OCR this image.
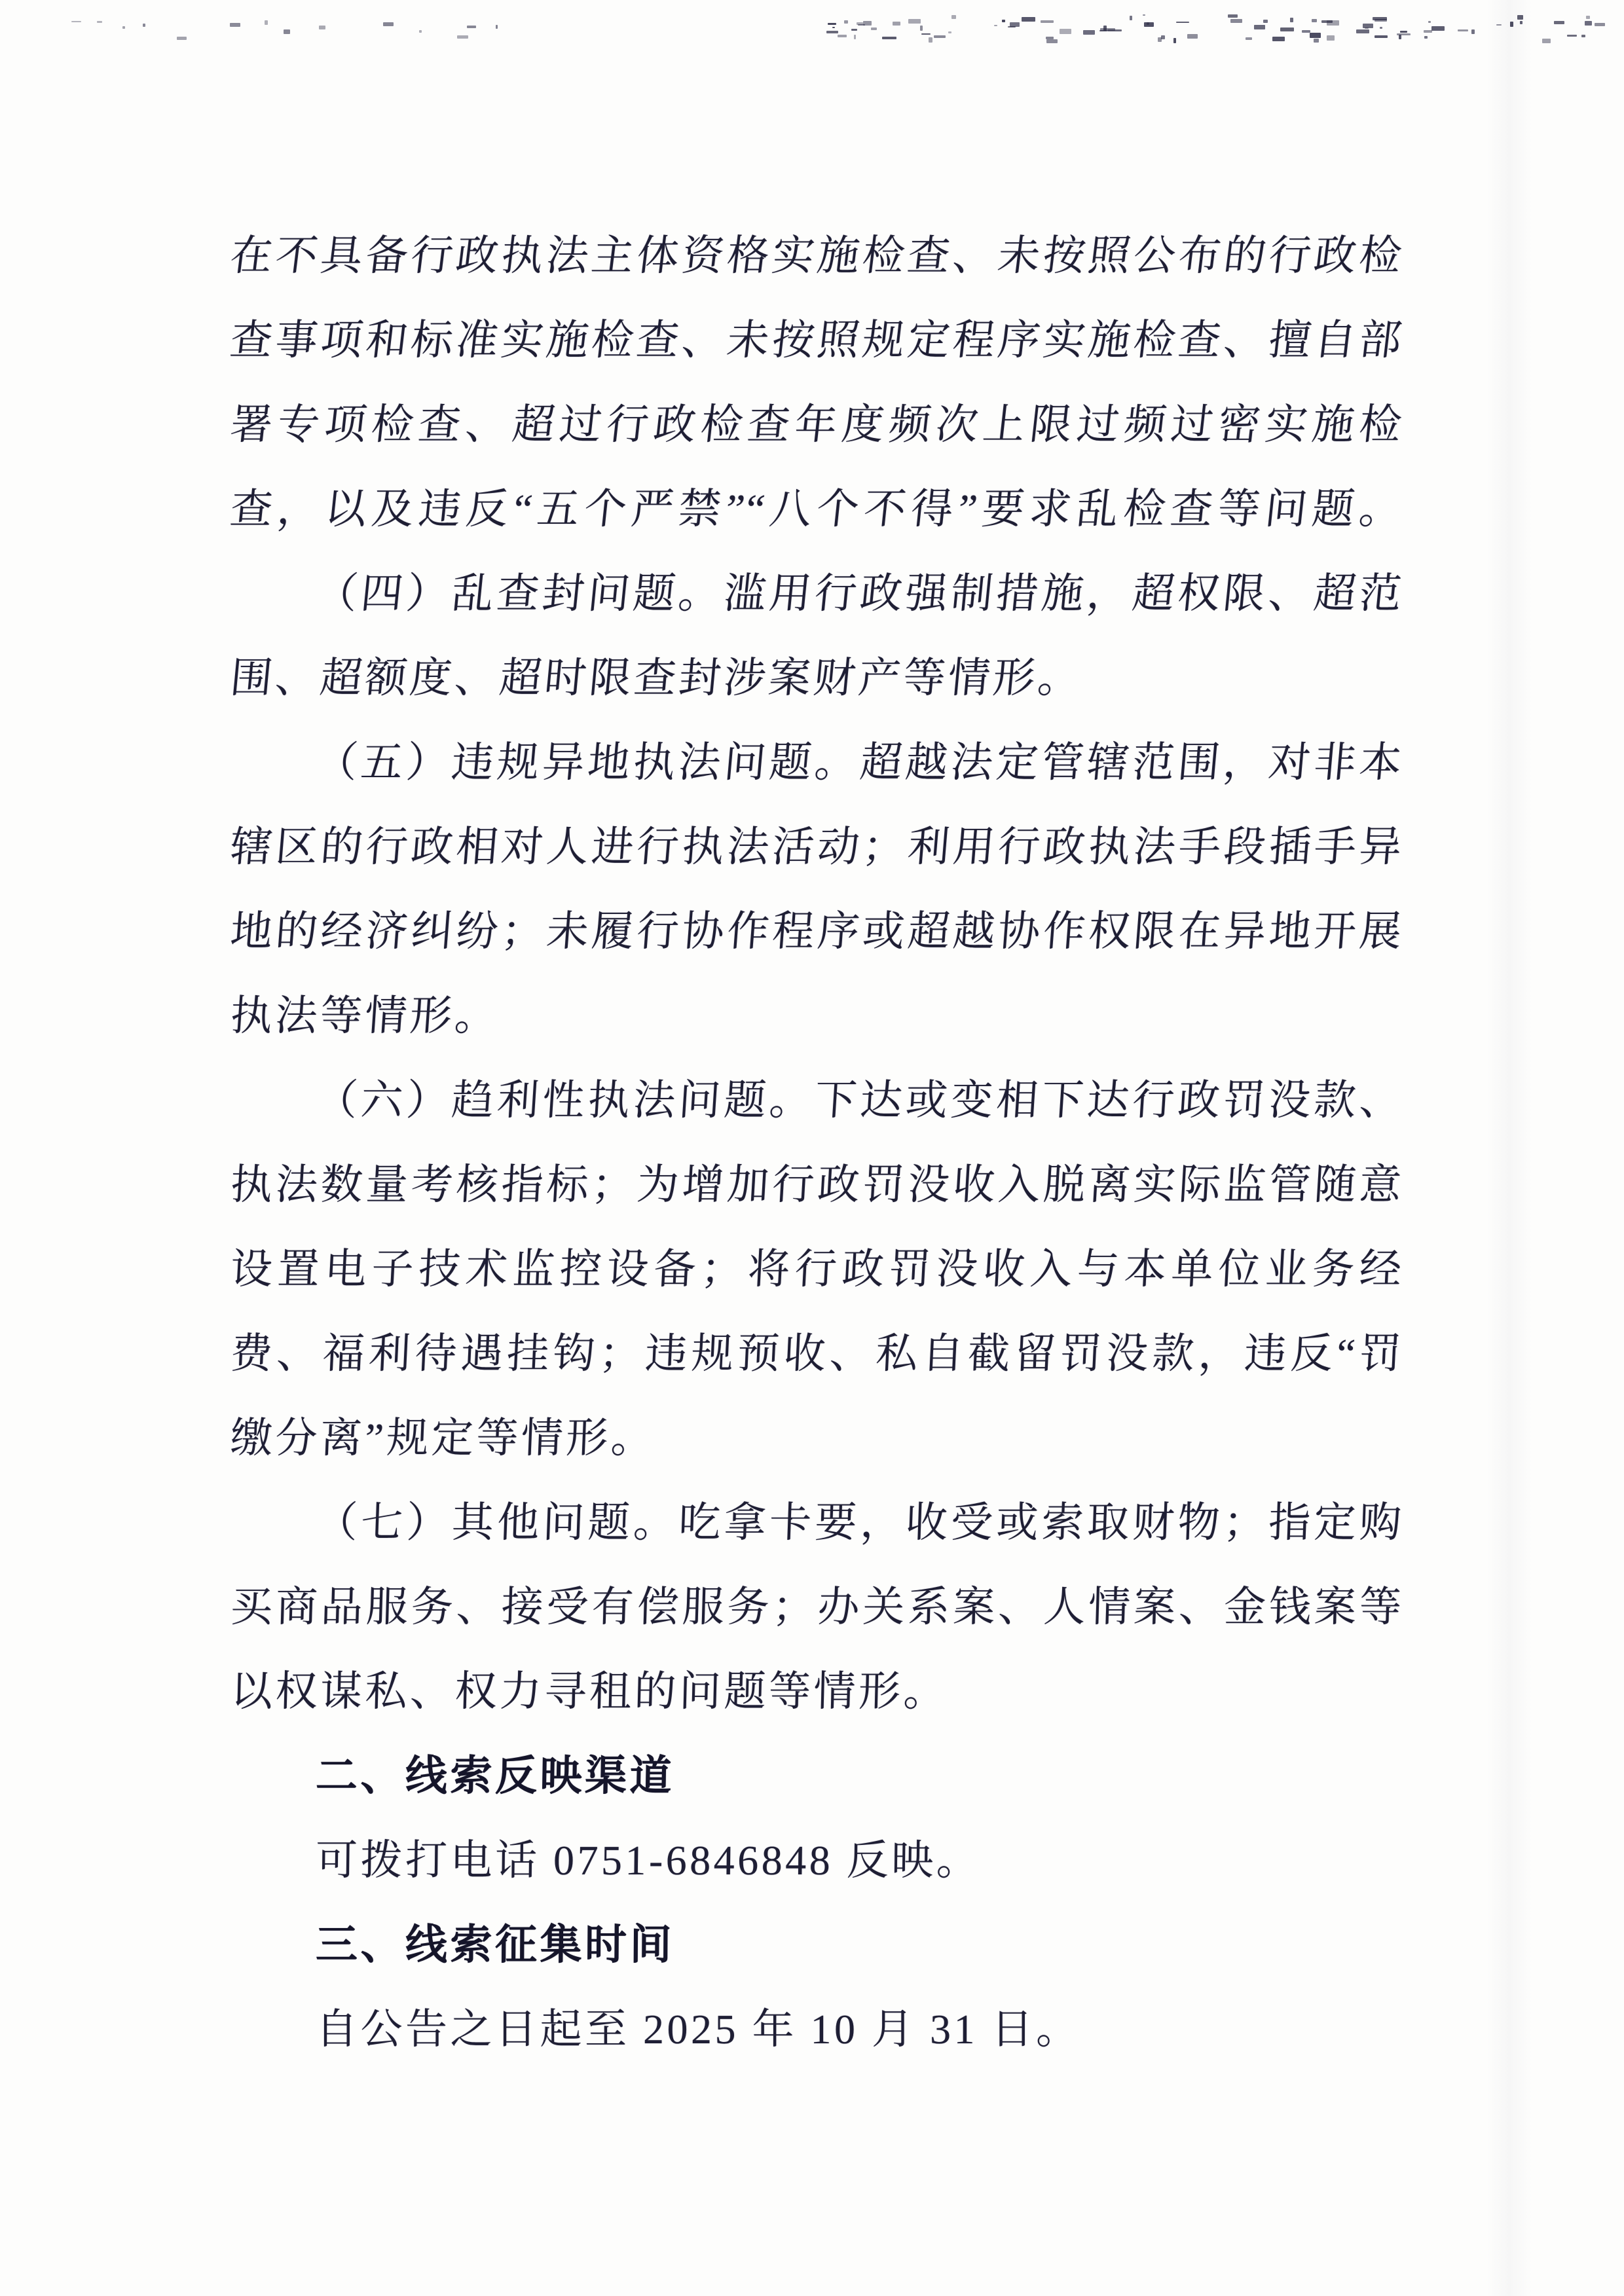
在不具备行政执法主体资格实施检查、未按照公布的行政检
查事项和标准实施检查、未按照规定程序实施检查、擅自部
署专项检查、超过行政检查年度频次上限过频过密实施检
查，以及违反“五个严禁”“八个不得”要求乱检查等问题。
（四）乱查封问题。滥用行政强制措施，超权限、超范
围、超额度、超时限查封涉案财产等情形。
（五）违规异地执法问题。超越法定管辖范围，对非本
辖区的行政相对人进行执法活动；利用行政执法手段插手异
地的经济纠纷；未履行协作程序或超越协作权限在异地开展
执法等情形。
（六）趋利性执法问题。下达或变相下达行政罚没款、
执法数量考核指标；为增加行政罚没收入脱离实际监管随意
设置电子技术监控设备；将行政罚没收入与本单位业务经
费、福利待遇挂钩；违规预收、私自截留罚没款，违反“罚
缴分离”规定等情形。
（七）其他问题。吃拿卡要，收受或索取财物；指定购
买商品服务、接受有偿服务；办关系案、人情案、金钱案等
以权谋私、权力寻租的问题等情形。
二、线索反映渠道
可拨打电话 0751-6846848 反映。
三、线索征集时间
自公告之日起至 2025 年 10 月 31 日。
